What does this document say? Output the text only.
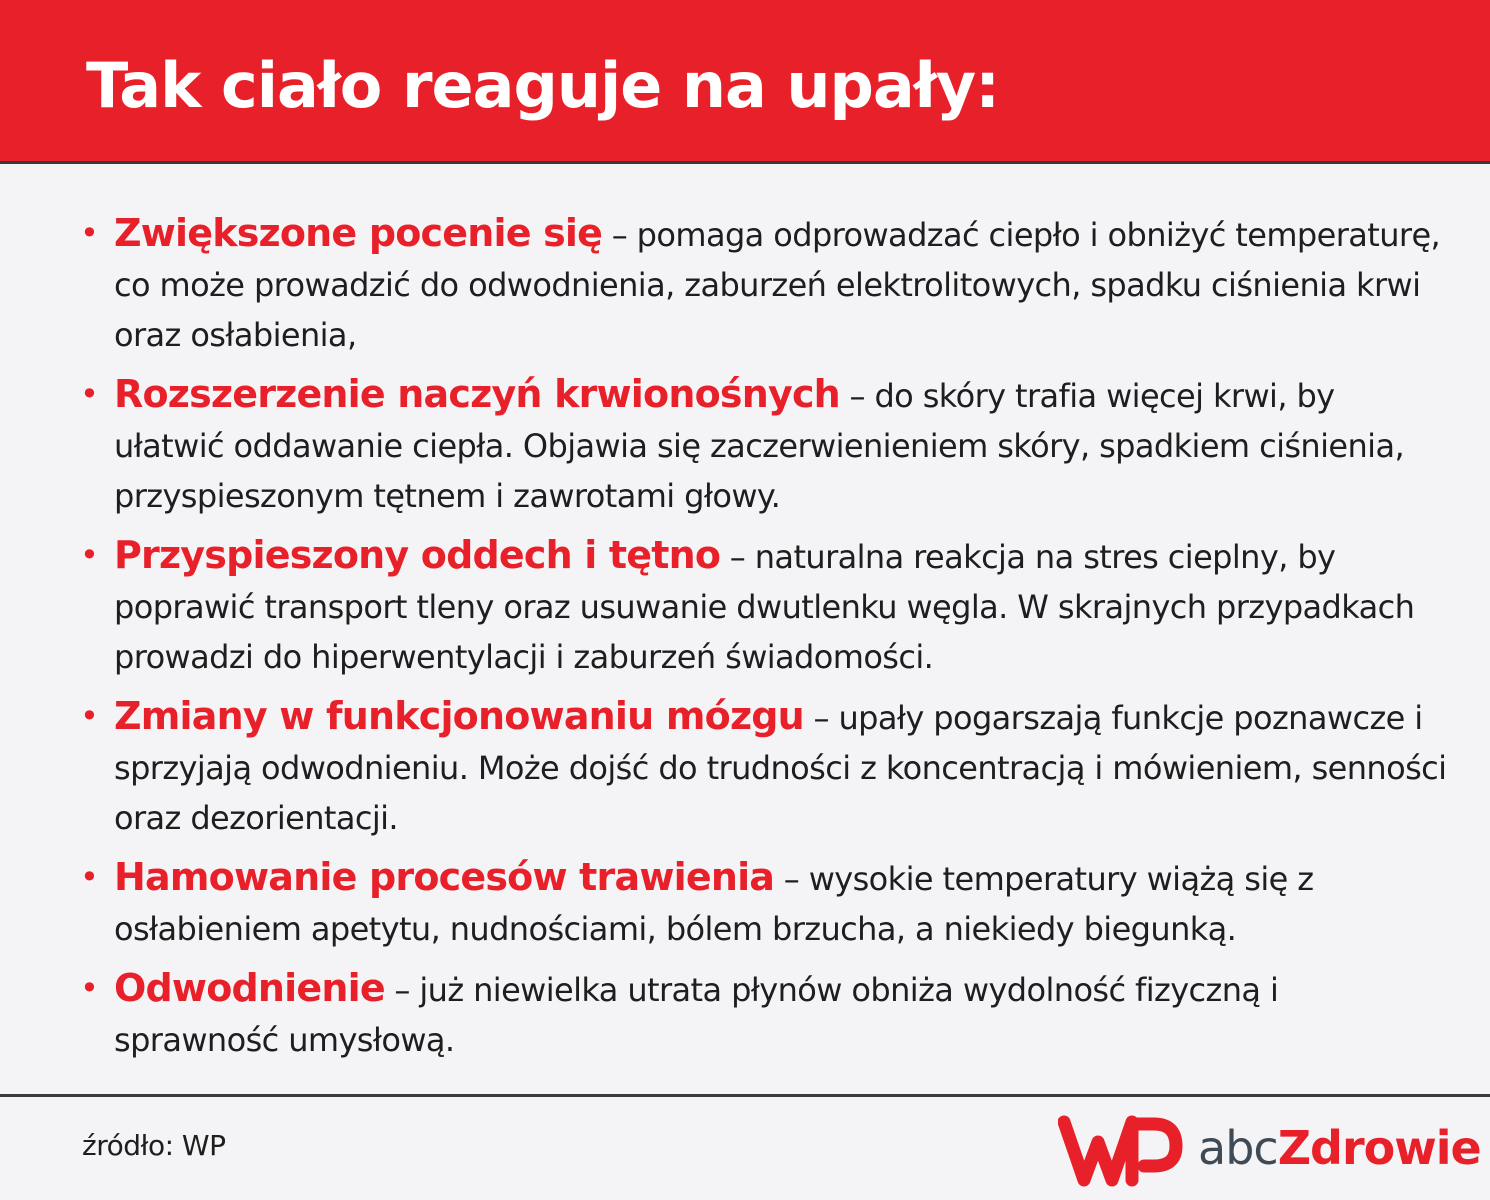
Tak ciało reaguje na upały:
• Zwiększone pocenie się – pomaga odprowadzać ciepło i obniżyć temperaturę, co może prowadzić do odwodnienia, zaburzeń elektrolitowych, spadku ciśnienia krwi oraz osłabienia,
• Rozszerzenie naczyń krwionośnych – do skóry trafia więcej krwi, by ułatwić oddawanie ciepła. Objawia się zaczerwienieniem skóry, spadkiem ciśnienia, przyspieszonym tętnem i zawrotami głowy.
• Przyspieszony oddech i tętno – naturalna reakcja na stres cieplny, by poprawić transport tleny oraz usuwanie dwutlenku węgla. W skrajnych przypadkach prowadzi do hiperwentylacji i zaburzeń świadomości.
• Zmiany w funkcjonowaniu mózgu – upały pogarszają funkcje poznawcze i sprzyjają odwodnieniu. Może dojść do trudności z koncentracją i mówieniem, senności oraz dezorientacji.
• Hamowanie procesów trawienia – wysokie temperatury wiążą się z osłabieniem apetytu, nudnościami, bólem brzucha, a niekiedy biegunką.
• Odwodnienie – już niewielka utrata płynów obniża wydolność fizyczną i sprawność umysłową.
źródło: WP	abcZdrowie
